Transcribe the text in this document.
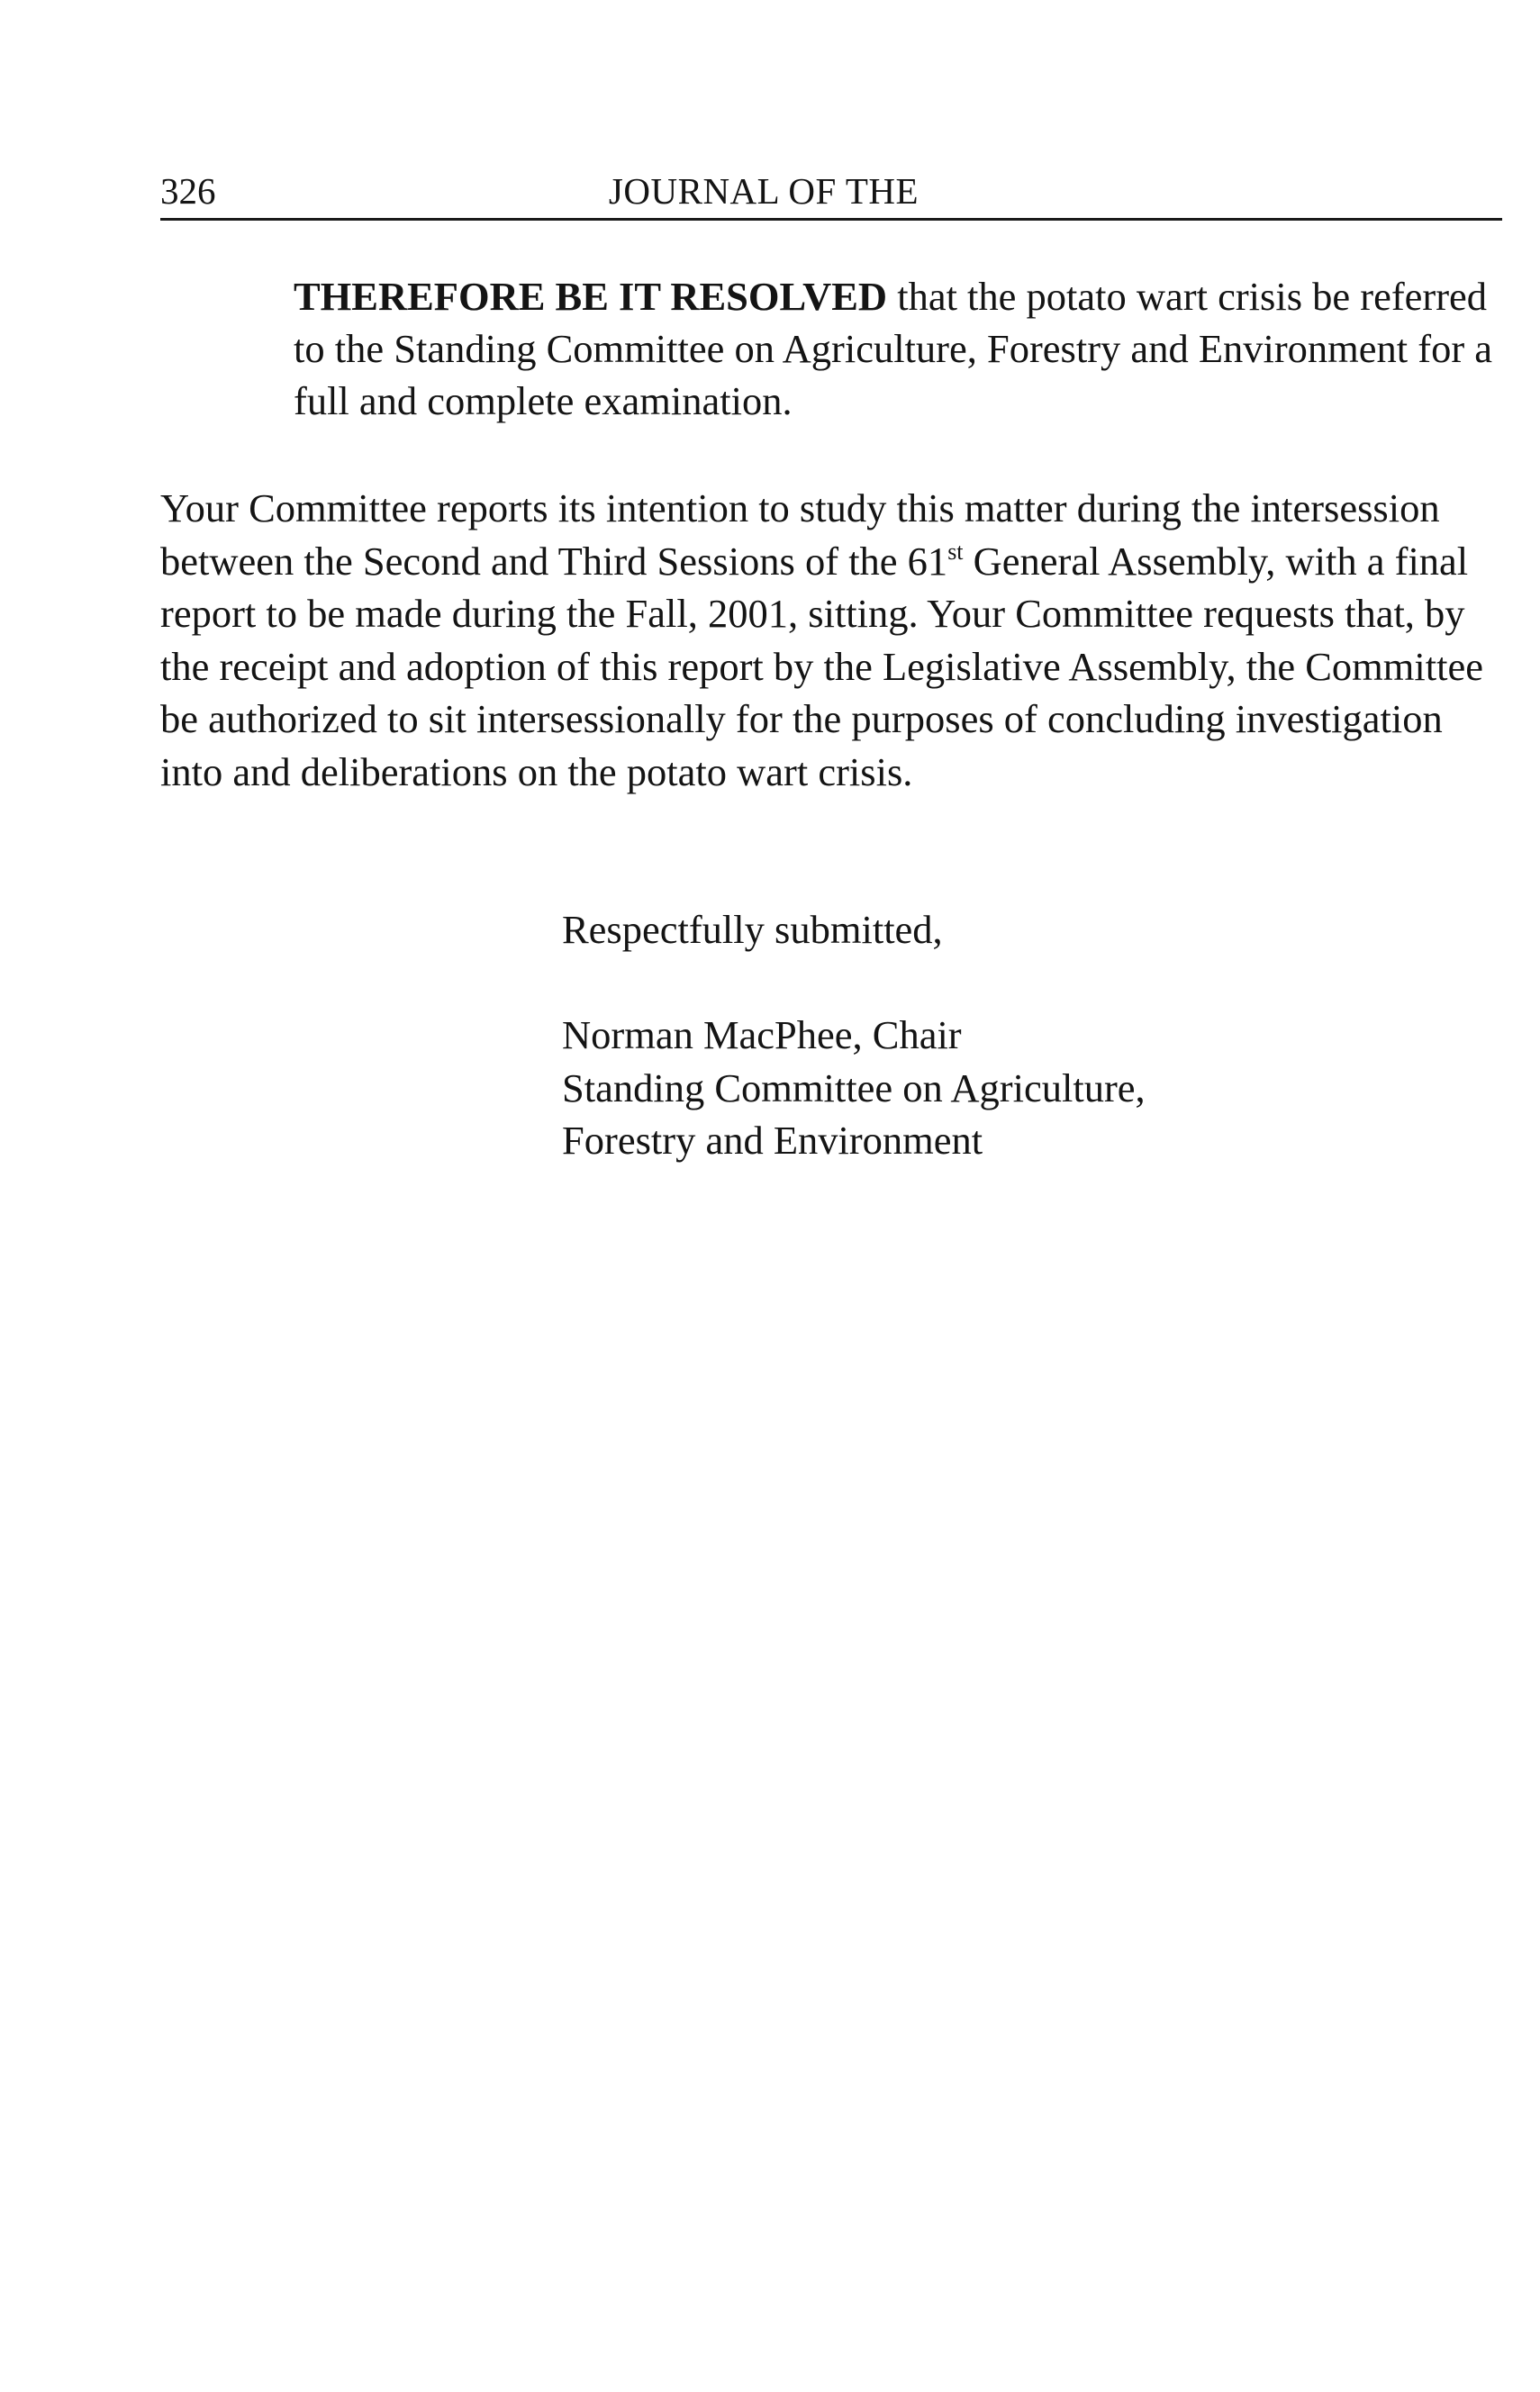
326	JOURNAL OF THE

THEREFORE BE IT RESOLVED that the potato wart crisis be referred to the Standing Committee on Agriculture, Forestry and Environment for a full and complete examination.

Your Committee reports its intention to study this matter during the intersession between the Second and Third Sessions of the 61st General Assembly, with a final report to be made during the Fall, 2001, sitting. Your Committee requests that, by the receipt and adoption of this report by the Legislative Assembly, the Committee be authorized to sit intersessionally for the purposes of concluding investigation into and deliberations on the potato wart crisis.

Respectfully submitted,

Norman MacPhee, Chair
Standing Committee on Agriculture,
Forestry and Environment
